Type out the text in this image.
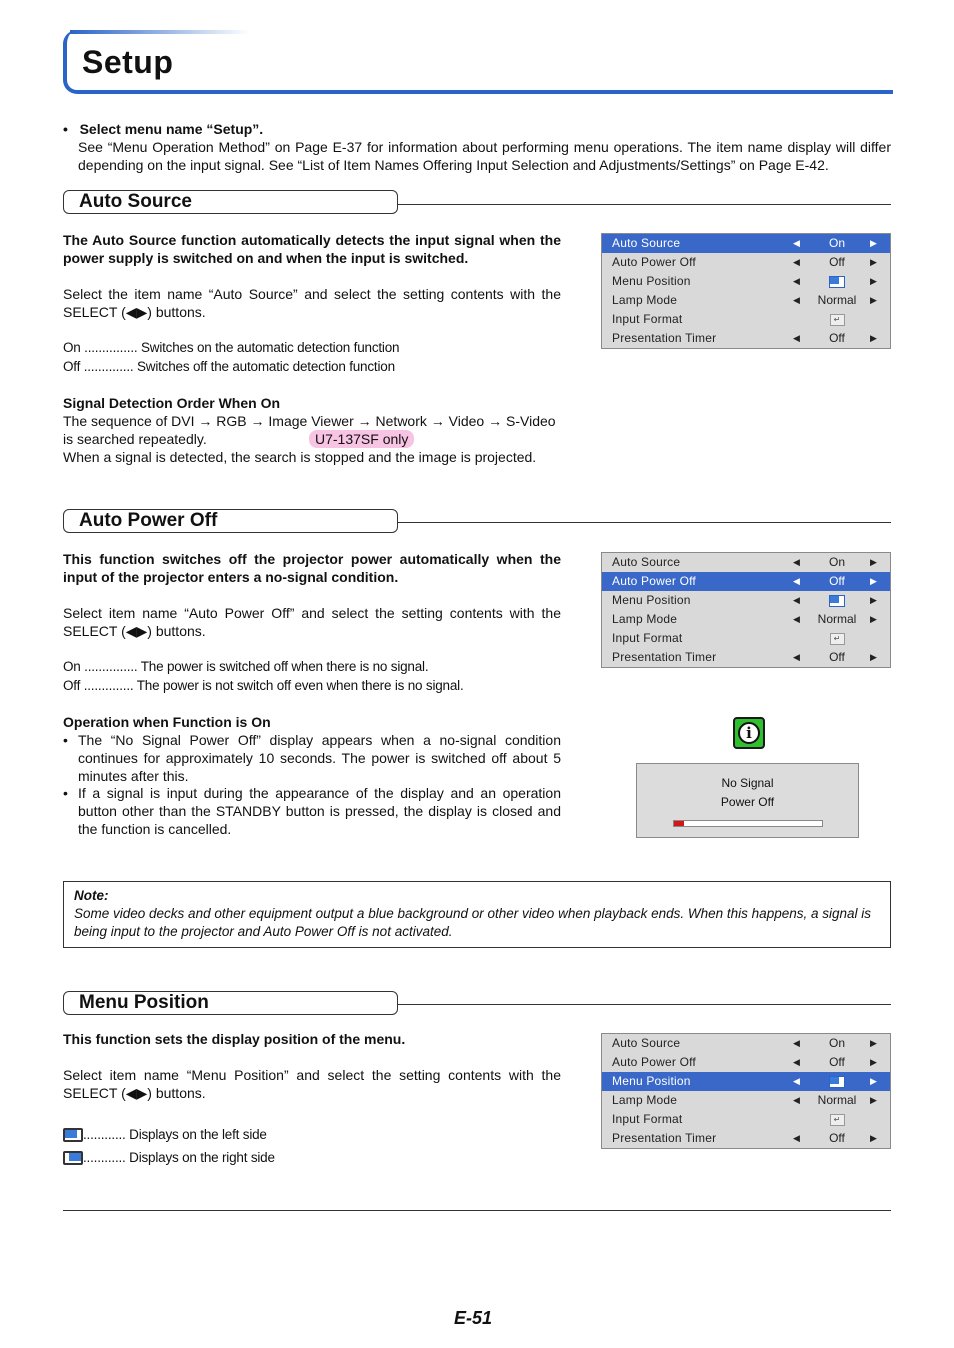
Setup
•   Select menu name “Setup”.
See “Menu Operation Method” on Page E-37 for information about performing menu operations. The item name display will differ depending on the input signal. See “List of Item Names Offering Input Selection and Adjustments/Settings” on Page E-42.
Auto Source
The Auto Source function automatically detects the input signal when the power supply is switched on and when the input is switched.
Select the item name “Auto Source” and select the setting contents with the SELECT (◀▶) buttons.
On ............... Switches on the automatic detection function
Off .............. Switches off the automatic detection function
Signal Detection Order When On
The sequence of DVI → RGB → Image Viewer → Network → Video → S-Video
is searched repeatedly.	U7-137SF only
When a signal is detected, the search is stopped and the image is projected.
Auto Source	◀	On	▶
Auto Power Off	◀	Off	▶
Menu Position	◀	▶
Lamp Mode	◀ Normal ▶
Input Format	↵
Presentation Timer	◀	Off	▶
Auto Power Off
This function switches off the projector power automatically when the input of the projector enters a no-signal condition.
Select item name “Auto Power Off” and select the setting contents with the SELECT (◀▶) buttons.
On ............... The power is switched off when there is no signal.
Off .............. The power is not switch off even when there is no signal.
Operation when Function is On
• The “No Signal Power Off” display appears when a no-signal condition continues for approximately 10 seconds. The power is switched off about 5 minutes after this.
• If a signal is input during the appearance of the display and an operation button other than the STANDBY button is pressed, the display is closed and the function is cancelled.
Auto Source	◀	On	▶
Auto Power Off	◀	Off	▶
Menu Position	◀	▶
Lamp Mode	◀ Normal ▶
Input Format	↵
Presentation Timer	◀	Off	▶
i
No Signal
Power Off
Note:
Some video decks and other equipment output a blue background or other video when playback ends. When this happens, a signal is being input to the projector and Auto Power Off is not activated.
Menu Position
This function sets the display position of the menu.
Select item name “Menu Position” and select the setting contents with the SELECT (◀▶) buttons.
............ Displays on the left side
............ Displays on the right side
Auto Source	◀	On	▶
Auto Power Off	◀	Off	▶
Menu Position	◀	▶
Lamp Mode	◀ Normal ▶
Input Format	↵
Presentation Timer	◀	Off	▶
E-51
